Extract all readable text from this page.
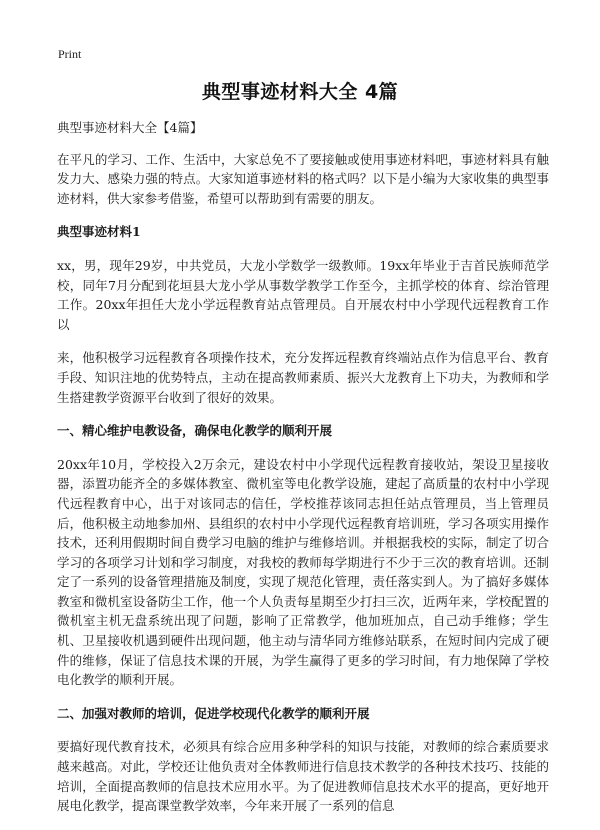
Print
典型事迹材料大全 4篇

典型事迹材料大全【4篇】

在平凡的学习、工作、生活中，大家总免不了要接触或使用事迹材料吧，事迹材料具有触发力大、感染力强的特点。大家知道事迹材料的格式吗？以下是小编为大家收集的典型事迹材料，供大家参考借鉴，希望可以帮助到有需要的朋友。

典型事迹材料1

xx，男，现年29岁，中共党员，大龙小学数学一级教师。19xx年毕业于吉首民族师范学校，同年7月分配到花垣县大龙小学从事数学教学工作至今，主抓学校的体育、综治管理工作。20xx年担任大龙小学远程教育站点管理员。自开展农村中小学现代远程教育工作以

来，他积极学习远程教育各项操作技术，充分发挥远程教育终端站点作为信息平台、教育手段、知识注地的优势特点，主动在提高教师素质、振兴大龙教育上下功夫，为教师和学生搭建教学资源平台收到了很好的效果。

一、精心维护电教设备，确保电化教学的顺利开展

20xx年10月，学校投入2万余元，建设农村中小学现代远程教育接收站，架设卫星接收器，添置功能齐全的多媒体教室、微机室等电化教学设施，建起了高质量的农村中小学现代远程教育中心，出于对该同志的信任，学校推荐该同志担任站点管理员，当上管理员后，他积极主动地参加州、县组织的农村中小学现代远程教育培训班，学习各项实用操作技术，还利用假期时间自费学习电脑的维护与维修培训。并根据我校的实际，制定了切合学习的各项学习计划和学习制度，对我校的教师每学期进行不少于三次的教育培训。还制定了一系列的设备管理措施及制度，实现了规范化管理，责任落实到人。为了搞好多媒体教室和微机室设备防尘工作，他一个人负责每星期至少打扫三次，近两年来，学校配置的微机室主机无盘系统出现了问题，影响了正常教学，他加班加点，自己动手维修；学生机、卫星接收机遇到硬件出现问题，他主动与清华同方维修站联系，在短时间内完成了硬件的维修，保证了信息技术课的开展，为学生赢得了更多的学习时间，有力地保障了学校电化教学的顺利开展。

二、加强对教师的培训，促进学校现代化教学的顺利开展

要搞好现代教育技术，必须具有综合应用多种学科的知识与技能，对教师的综合素质要求越来越高。对此，学校还让他负责对全体教师进行信息技术教学的各种技术技巧、技能的培训，全面提高教师的信息技术应用水平。为了促进教师信息技术水平的提高，更好地开展电化教学，提高课堂教学效率，今年来开展了一系列的信息
